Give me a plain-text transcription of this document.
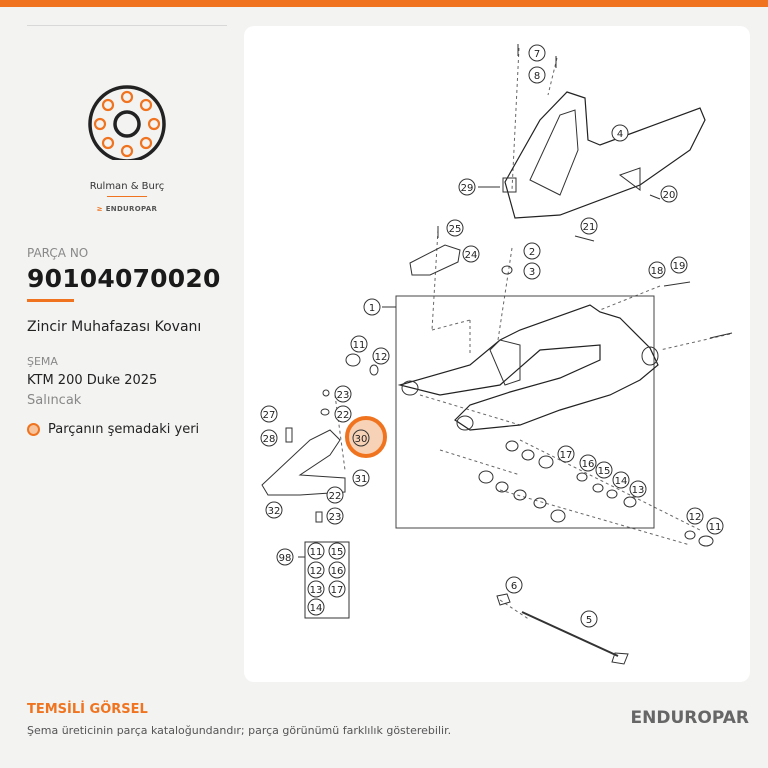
Rulman & Burç
≥ ENDUROPAR
PARÇA NO
90104070020
Zincir Muhafazası Kovanı
ŞEMA
KTM 200 Duke 2025
Salıncak
Parçanın şemadaki yeri
7
8
4
29
20
21
25
24	2
3	18 19
1
11
12
23
27	22
28
31
22
32
23
17
16
15
14
13
12
11
6
5
98
11 15
12 16
13 17
14
30
TEMSİLİ GÖRSEL
Şema üreticinin parça kataloğundandır; parça görünümü farklılık gösterebilir.
ENDUROPAR
